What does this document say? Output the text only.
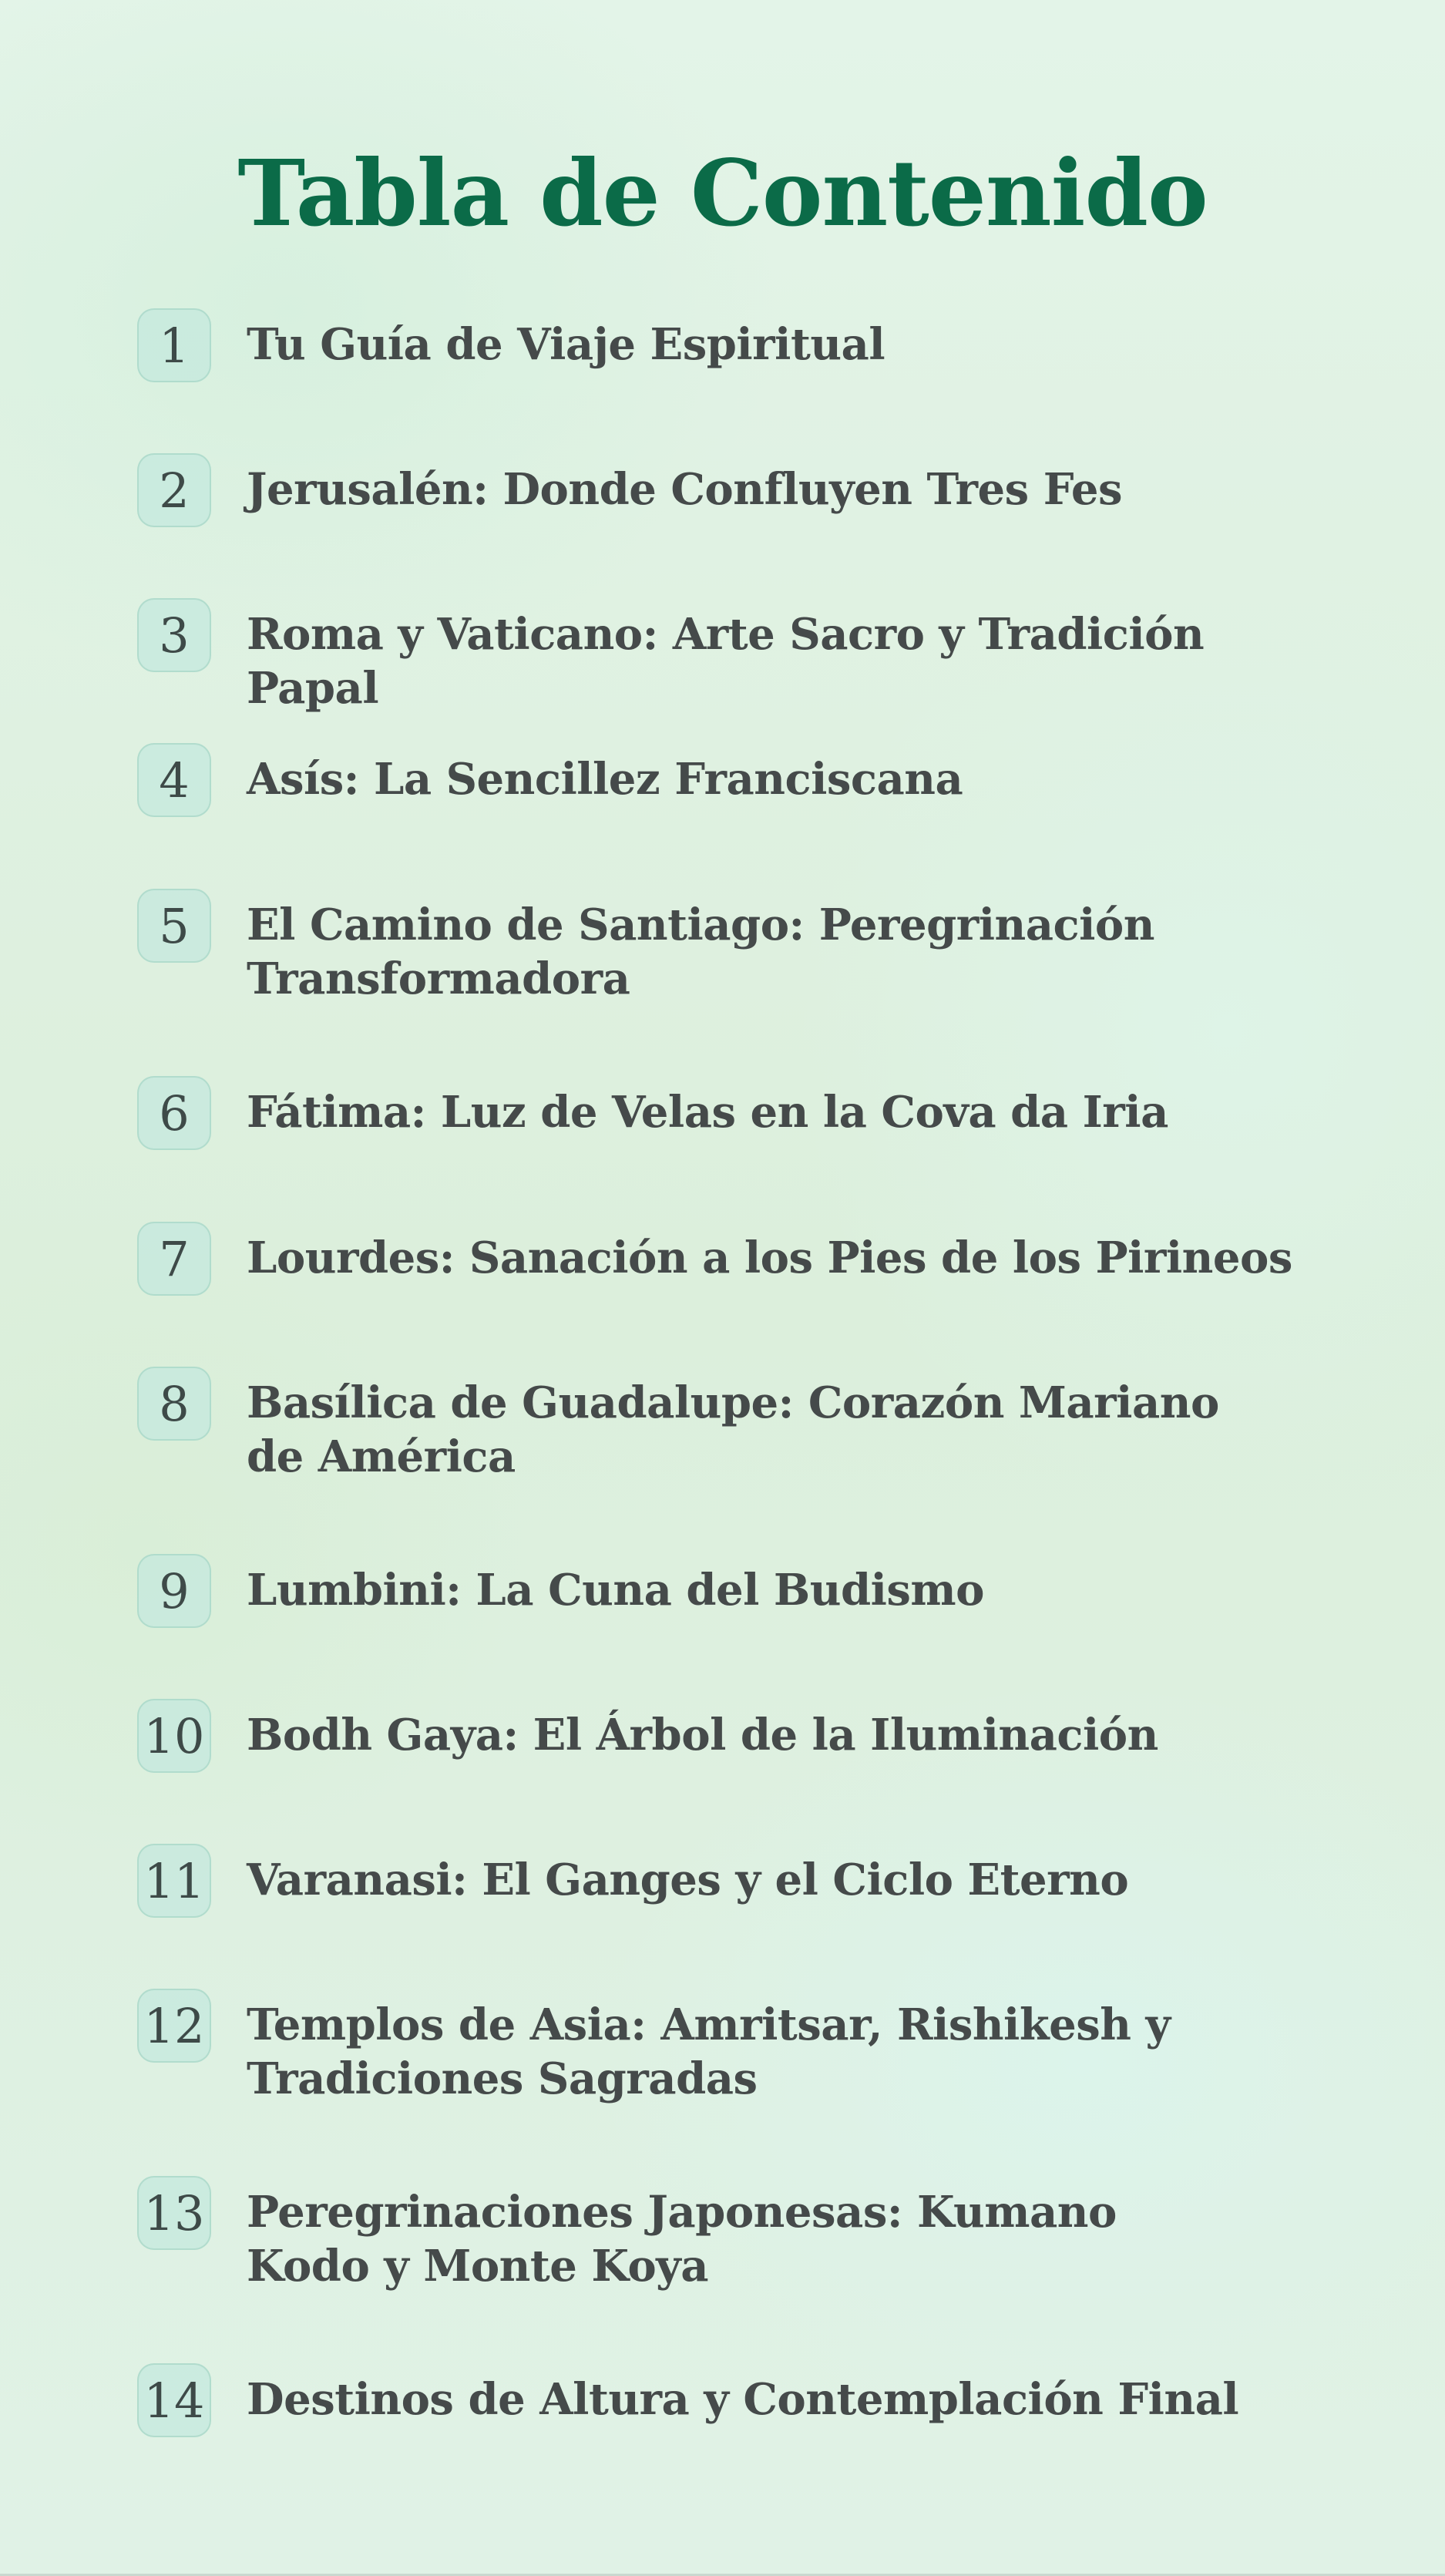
Tabla de Contenido
1	Tu Guía de Viaje Espiritual
2	Jerusalén: Donde Confluyen Tres Fes
3	Roma y Vaticano: Arte Sacro y Tradición Papal
4	Asís: La Sencillez Franciscana
5	El Camino de Santiago: Peregrinación Transformadora
6	Fátima: Luz de Velas en la Cova da Iria
7	Lourdes: Sanación a los Pies de los Pirineos
8	Basílica de Guadalupe: Corazón Mariano de América
9	Lumbini: La Cuna del Budismo
10 Bodh Gaya: El Árbol de la Iluminación
11 Varanasi: El Ganges y el Ciclo Eterno
12 Templos de Asia: Amritsar, Rishikesh y Tradiciones Sagradas
13 Peregrinaciones Japonesas: Kumano Kodo y Monte Koya
14 Destinos de Altura y Contemplación Final
